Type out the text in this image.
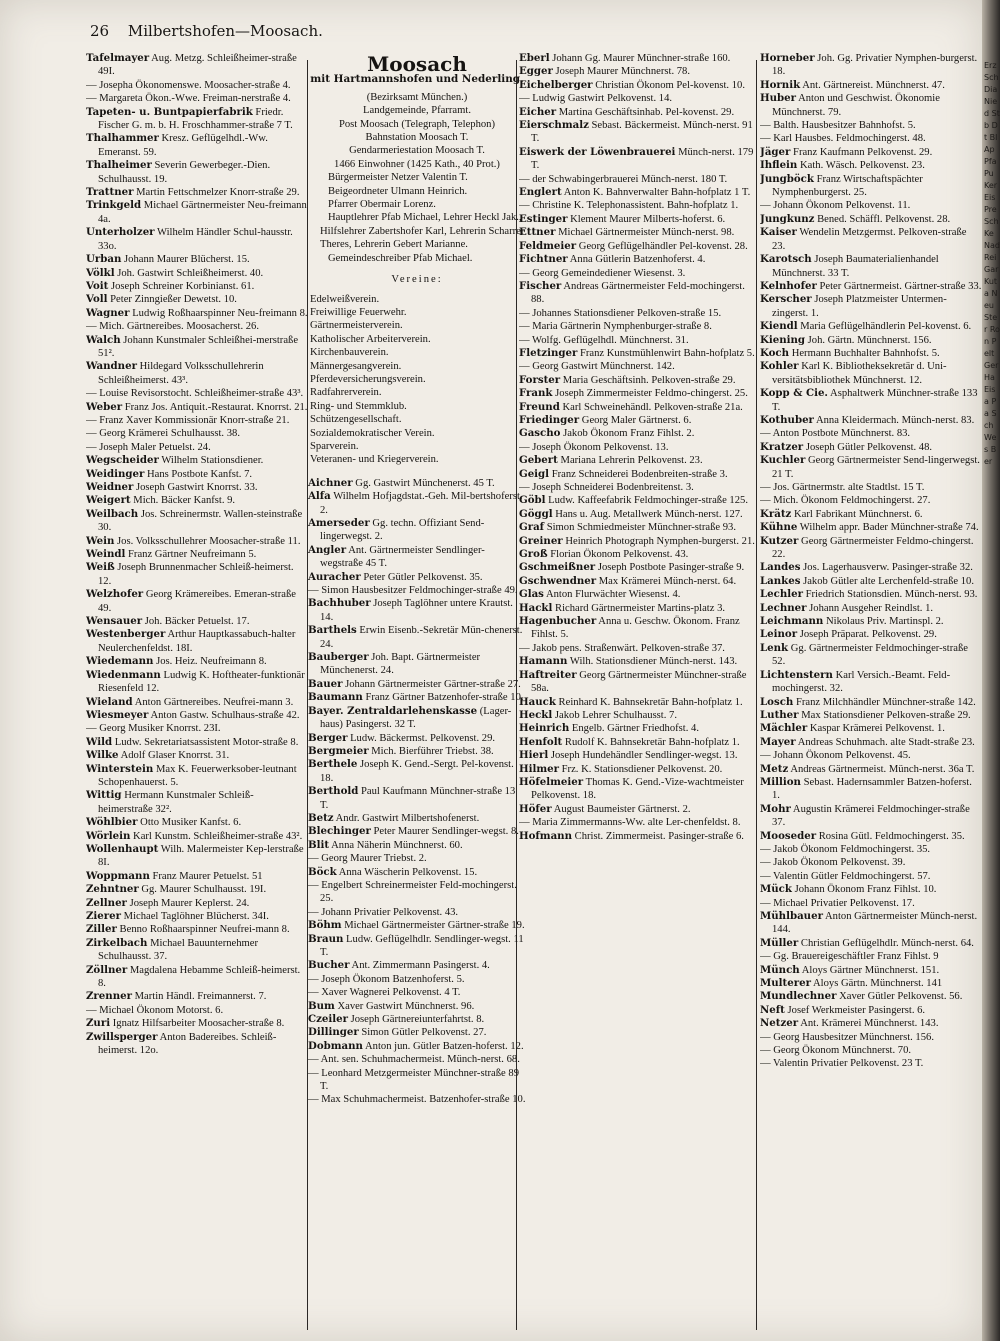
26 Milbertshofen—Moosach.

Tafelmayer Aug. Metzg. Schleißheimer-straße 49I.

— Josepha Ökonomenswe. Moosacher-straße 4.

— Margareta Ökon.-Wwe. Freiman-nerstraße 4.

Tapeten- u. Buntpapierfabrik Friedr. Fischer G. m. b. H. Froschhammer-straße 7 T.

Thalhammer Kresz. Geflügelhdl.-Ww. Emeranst. 59.

Thalheimer Severin Gewerbeger.-Dien. Schulhausst. 19.

Trattner Martin Fettschmelzer Knorr-straße 29.

Trinkgeld Michael Gärtnermeister Neu-freimann 4a.

Unterholzer Wilhelm Händler Schul-hausstr. 33o.

Urban Johann Maurer Blücherst. 15.

Völkl Joh. Gastwirt Schleißheimerst. 40.

Voit Joseph Schreiner Korbinianst. 61.

Voll Peter Zinngießer Dewetst. 10.

Wagner Ludwig Roßhaarspinner Neu-freimann 8.

— Mich. Gärtnereibes. Moosacherst. 26.

Walch Johann Kunstmaler Schleißhei-merstraße 51².

Wandner Hildegard Volksschullehrerin Schleißheimerst. 43³.

— Louise Revisorstocht. Schleißheimer-straße 43³.

Weber Franz Jos. Antiquit.-Restaurat. Knorrst. 21.

— Franz Xaver Kommissionär Knorr-straße 21.

— Georg Krämerei Schulhausst. 38.

— Joseph Maler Petuelst. 24.

Wegscheider Wilhelm Stationsdiener.

Weidinger Hans Postbote Kanfst. 7.

Weidner Joseph Gastwirt Knorrst. 33.

Weigert Mich. Bäcker Kanfst. 9.

Weilbach Jos. Schreinermstr. Wallen-steinstraße 30.

Wein Jos. Volksschullehrer Moosacher-straße 11.

Weindl Franz Gärtner Neufreimann 5.

Weiß Joseph Brunnenmacher Schleiß-heimerst. 12.

Welzhofer Georg Krämereibes. Emeran-straße 49.

Wensauer Joh. Bäcker Petuelst. 17.

Westenberger Arthur Hauptkassabuch-halter Neulerchenfeldst. 18I.

Wiedemann Jos. Heiz. Neufreimann 8.

Wiedenmann Ludwig K. Hoftheater-funktionär Riesenfeld 12.

Wieland Anton Gärtnereibes. Neufrei-mann 3.

Wiesmeyer Anton Gastw. Schulhaus-straße 42.

— Georg Musiker Knorrst. 23I.

Wild Ludw. Sekretariatsassistent Motor-straße 8.

Wilke Adolf Glaser Knorrst. 31.

Winterstein Max K. Feuerwerksober-leutnant Schopenhauerst. 5.

Wittig Hermann Kunstmaler Schleiß-heimerstraße 32².

Wöhlbier Otto Musiker Kanfst. 6.

Wörlein Karl Kunstm. Schleißheimer-straße 43².

Wollenhaupt Wilh. Malermeister Kep-lerstraße 8I.

Woppmann Franz Maurer Petuelst. 51

Zehntner Gg. Maurer Schulhausst. 19I.

Zellner Joseph Maurer Keplerst. 24.

Zierer Michael Taglöhner Blücherst. 34I.

Ziller Benno Roßhaarspinner Neufrei-mann 8.

Zirkelbach Michael Bauunternehmer Schulhausst. 37.

Zöllner Magdalena Hebamme Schleiß-heimerst. 8.

Zrenner Martin Händl. Freimannerst. 7.

— Michael Ökonom Motorst. 6.

Zuri Ignatz Hilfsarbeiter Moosacher-straße 8.

Zwillsperger Anton Badereibes. Schleiß-heimerst. 12o.

Moosach

mit Hartmannshofen und Nederling.

(Bezirksamt München.)

Landgemeinde, Pfarramt.

Post Moosach (Telegraph, Telephon)

Bahnstation Moosach T.

Gendarmeriestation Moosach T.

1466 Einwohner (1425 Kath., 40 Prot.)

Bürgermeister Netzer Valentin T.

Beigeordneter Ulmann Heinrich.

Pfarrer Obermair Lorenz.

Hauptlehrer Pfab Michael, Lehrer Heckl Jak., Hilfslehrer Zabertshofer Karl, Lehrerin Scharrer Theres, Lehrerin Gebert Marianne.

Gemeindeschreiber Pfab Michael.

Vereine:

Edelweißverein.

Freiwillige Feuerwehr.

Gärtnermeisterverein.

Katholischer Arbeiterverein.

Kirchenbauverein.

Männergesangverein.

Pferdeversicherungsverein.

Radfahrerverein.

Ring- und Stemmklub.

Schützengesellschaft.

Sozialdemokratischer Verein.

Sparverein.

Veteranen- und Kriegerverein.

Aichner Gg. Gastwirt Münchenerst. 45 T.

Alfa Wilhelm Hofjagdstat.-Geh. Mil-bertshoferst. 2.

Amerseder Gg. techn. Offiziant Send-lingerwegst. 2.

Angler Ant. Gärtnermeister Sendlinger-wegstraße 45 T.

Auracher Peter Gütler Pelkovenst. 35.

— Simon Hausbesitzer Feldmochinger-straße 49.

Bachhuber Joseph Taglöhner untere Krautst. 14.

Barthels Erwin Eisenb.-Sekretär Mün-chenerst. 24.

Bauberger Joh. Bapt. Gärtnermeister Münchenerst. 24.

Bauer Johann Gärtnermeister Gärtner-straße 27.

Baumann Franz Gärtner Batzenhofer-straße 10.

Bayer. Zentraldarlehenskasse (Lager-haus) Pasingerst. 32 T.

Berger Ludw. Bäckermst. Pelkovenst. 29.

Bergmeier Mich. Bierführer Triebst. 38.

Berthele Joseph K. Gend.-Sergt. Pel-kovenst. 18.

Berthold Paul Kaufmann Münchner-straße 13 T.

Betz Andr. Gastwirt Milbertshofenerst.

Blechinger Peter Maurer Sendlinger-wegst. 8.

Blit Anna Näherin Münchnerst. 60.

— Georg Maurer Triebst. 2.

Böck Anna Wäscherin Pelkovenst. 15.

— Engelbert Schreinermeister Feld-mochingerst. 25.

— Johann Privatier Pelkovenst. 43.

Böhm Michael Gärtnermeister Gärtner-straße 19.

Braun Ludw. Geflügelhdlr. Sendlinger-wegst. 11 T.

Bucher Ant. Zimmermann Pasingerst. 4.

— Joseph Ökonom Batzenhoferst. 5.

— Xaver Wagnerei Pelkovenst. 4 T.

Bum Xaver Gastwirt Münchnerst. 96.

Czeiler Joseph Gärtnereiunterfahrtst. 8.

Dillinger Simon Gütler Pelkovenst. 27.

Dobmann Anton jun. Gütler Batzen-hoferst. 12.

— Ant. sen. Schuhmachermeist. Münch-nerst. 68.

— Leonhard Metzgermeister Münchner-straße 89 T.

— Max Schuhmachermeist. Batzenhofer-straße 10.

Eberl Johann Gg. Maurer Münchner-straße 160.

Egger Joseph Maurer Münchnerst. 78.

Eichelberger Christian Ökonom Pel-kovenst. 10.

— Ludwig Gastwirt Pelkovenst. 14.

Eicher Martina Geschäftsinhab. Pel-kovenst. 29.

Eierschmalz Sebast. Bäckermeist. Münch-nerst. 91 T.

Eiswerk der Löwenbrauerei Münch-nerst. 179 T.

— der Schwabingerbrauerei Münch-nerst. 180 T.

Englert Anton K. Bahnverwalter Bahn-hofplatz 1 T.

— Christine K. Telephonassistent. Bahn-hofplatz 1.

Estinger Klement Maurer Milberts-hoferst. 6.

Ettner Michael Gärtnermeister Münch-nerst. 98.

Feldmeier Georg Geflügelhändler Pel-kovenst. 28.

Fichtner Anna Gütlerin Batzenhoferst. 4.

— Georg Gemeindediener Wiesenst. 3.

Fischer Andreas Gärtnermeister Feld-mochingerst. 88.

— Johannes Stationsdiener Pelkoven-straße 15.

— Maria Gärtnerin Nymphenburger-straße 8.

— Wolfg. Geflügelhdl. Münchnerst. 31.

Fletzinger Franz Kunstmühlenwirt Bahn-hofplatz 5.

— Georg Gastwirt Münchnerst. 142.

Forster Maria Geschäftsinh. Pelkoven-straße 29.

Frank Joseph Zimmermeister Feldmo-chingerst. 25.

Freund Karl Schweinehändl. Pelkoven-straße 21a.

Friedinger Georg Maler Gärtnerst. 6.

Gascho Jakob Ökonom Franz Fihlst. 2.

— Joseph Ökonom Pelkovenst. 13.

Gebert Mariana Lehrerin Pelkovenst. 23.

Geigl Franz Schneiderei Bodenbreiten-straße 3.

— Joseph Schneiderei Bodenbreitenst. 3.

Göbl Ludw. Kaffeefabrik Feldmochinger-straße 125.

Göggl Hans u. Aug. Metallwerk Münch-nerst. 127.

Graf Simon Schmiedmeister Münchner-straße 93.

Greiner Heinrich Photograph Nymphen-burgerst. 21.

Groß Florian Ökonom Pelkovenst. 43.

Gschmeißner Joseph Postbote Pasinger-straße 9.

Gschwendner Max Krämerei Münch-nerst. 64.

Glas Anton Flurwächter Wiesenst. 4.

Hackl Richard Gärtnermeister Martins-platz 3.

Hagenbucher Anna u. Geschw. Ökonom. Franz Fihlst. 5.

— Jakob pens. Straßenwärt. Pelkoven-straße 37.

Hamann Wilh. Stationsdiener Münch-nerst. 143.

Haftreiter Georg Gärtnermeister Münchner-straße 58a.

Hauck Reinhard K. Bahnsekretär Bahn-hofplatz 1.

Heckl Jakob Lehrer Schulhausst. 7.

Heinrich Engelb. Gärtner Friedhofst. 4.

Henfolt Rudolf K. Bahnsekretär Bahn-hofplatz 1.

Hierl Joseph Hundehändler Sendlinger-wegst. 13.

Hilmer Frz. K. Stationsdiener Pelkovenst. 20.

Höfelmeier Thomas K. Gend.-Vize-wachtmeister Pelkovenst. 18.

Höfer August Baumeister Gärtnerst. 2.

— Maria Zimmermanns-Ww. alte Ler-chenfeldst. 8.

Hofmann Christ. Zimmermeist. Pasinger-straße 6.

Horneber Joh. Gg. Privatier Nymphen-burgerst. 18.

Hornik Ant. Gärtnereist. Münchnerst. 47.

Huber Anton und Geschwist. Ökonomie Münchnerst. 79.

— Balth. Hausbesitzer Bahnhofst. 5.

— Karl Hausbes. Feldmochingerst. 48.

Jäger Franz Kaufmann Pelkovenst. 29.

Ihflein Kath. Wäsch. Pelkovenst. 23.

Jungböck Franz Wirtschaftspächter Nymphenburgerst. 25.

— Johann Ökonom Pelkovenst. 11.

Jungkunz Bened. Schäffl. Pelkovenst. 28.

Kaiser Wendelin Metzgermst. Pelkoven-straße 23.

Karotsch Joseph Baumaterialienhandel Münchnerst. 33 T.

Kelnhofer Peter Gärtnermeist. Gärtner-straße 33.

Kerscher Joseph Platzmeister Untermen-zingerst. 1.

Kiendl Maria Geflügelhändlerin Pel-kovenst. 6.

Kiening Joh. Gärtn. Münchnerst. 156.

Koch Hermann Buchhalter Bahnhofst. 5.

Kohler Karl K. Bibliotheksekretär d. Uni-versitätsbibliothek Münchnerst. 12.

Kopp & Cie. Asphaltwerk Münchner-straße 133 T.

Kothuber Anna Kleidermach. Münch-nerst. 83.

— Anton Postbote Münchnerst. 83.

Kratzer Joseph Gütler Pelkovenst. 48.

Kuchler Georg Gärtnermeister Send-lingerwegst. 21 T.

— Jos. Gärtnermstr. alte Stadtlst. 15 T.

— Mich. Ökonom Feldmochingerst. 27.

Krätz Karl Fabrikant Münchnerst. 6.

Kühne Wilhelm appr. Bader Münchner-straße 74.

Kutzer Georg Gärtnermeister Feldmo-chingerst. 22.

Landes Jos. Lagerhausverw. Pasinger-straße 32.

Lankes Jakob Gütler alte Lerchenfeld-straße 10.

Lechler Friedrich Stationsdien. Münch-nerst. 93.

Lechner Johann Ausgeher Reindlst. 1.

Leichmann Nikolaus Priv. Martinspl. 2.

Leinor Joseph Präparat. Pelkovenst. 29.

Lenk Gg. Gärtnermeister Feldmochinger-straße 52.

Lichtenstern Karl Versich.-Beamt. Feld-mochingerst. 32.

Losch Franz Milchhändler Münchner-straße 142.

Luther Max Stationsdiener Pelkoven-straße 29.

Mächler Kaspar Krämerei Pelkovenst. 1.

Mayer Andreas Schuhmach. alte Stadt-straße 23.

— Johann Ökonom Pelkovenst. 45.

Metz Andreas Gärtnermeist. Münch-nerst. 36a T.

Million Sebast. Hadernsammler Batzen-hoferst. 1.

Mohr Augustin Krämerei Feldmochinger-straße 37.

Mooseder Rosina Gütl. Feldmochingerst. 35.

— Jakob Ökonom Feldmochingerst. 35.

— Jakob Ökonom Pelkovenst. 39.

— Valentin Gütler Feldmochingerst. 57.

Mück Johann Ökonom Franz Fihlst. 10.

— Michael Privatier Pelkovenst. 17.

Mühlbauer Anton Gärtnermeister Münch-nerst. 144.

Müller Christian Geflügelhdlr. Münch-nerst. 64.

— Gg. Brauereigeschäftler Franz Fihlst. 9

Münch Aloys Gärtner Münchnerst. 151.

Multerer Aloys Gärtn. Münchnerst. 141

Mundlechner Xaver Gütler Pelkovenst. 56.

Neft Josef Werkmeister Pasingerst. 6.

Netzer Ant. Krämerei Münchnerst. 143.

— Georg Hausbesitzer Münchnerst. 156.

— Georg Ökonom Münchnerst. 70.

— Valentin Privatier Pelkovenst. 23 T.

Erz Sch Dia Nied Stb Dt Bl Ap Pfa Pu Ker Eis Pre Sch Ke Nad Rei Gar Kuta Neu Ster Ron Pelt Ger Ha Eisa Pa Sch Wes Ber
